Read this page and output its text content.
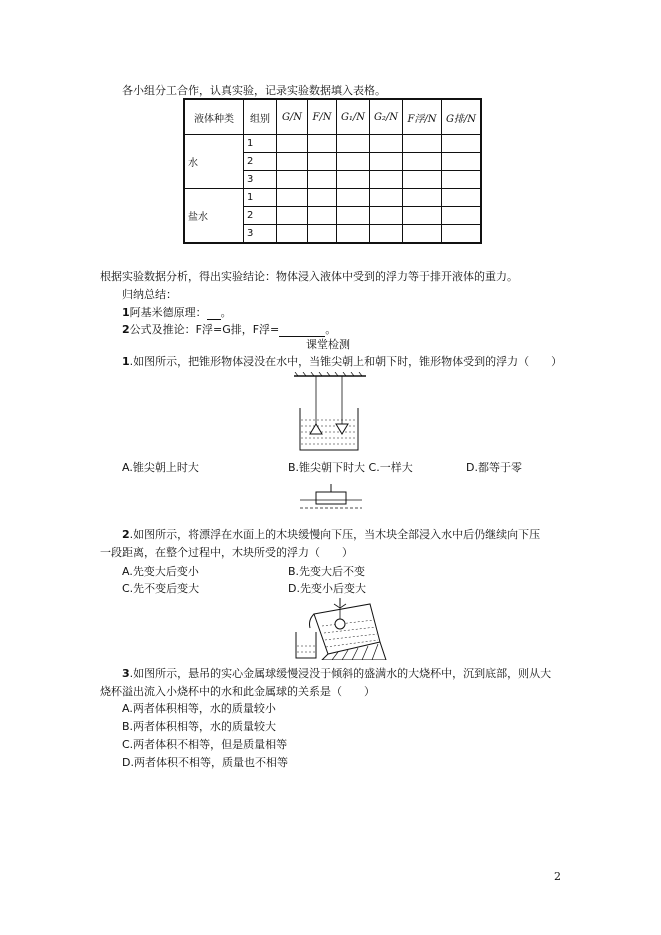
各小组分工合作，认真实验，记录实验数据填入表格。
液体种类	组别	G/N	F/N	G₁/N	G₂/N	F浮/N	G排/N
水	1						
	2						
	3						
盐水	1						
	2						
	3						
根据实验数据分析，得出实验结论：物体浸入液体中受到的浮力等于排开液体的重力。
归纳总结：
1阿基米德原理： 。
2公式及推论：F浮=G排，F浮=	。
课堂检测
1.如图所示，把锥形物体浸没在水中，当锥尖朝上和朝下时，锥形物体受到的浮力（　　）
A.锥尖朝上时大	B.锥尖朝下时大 C.一样大	D.都等于零
2.如图所示，将漂浮在水面上的木块缓慢向下压，当木块全部浸入水中后仍继续向下压
一段距离，在整个过程中，木块所受的浮力（　　）
A.先变大后变小	B.先变大后不变
C.先不变后变大	D.先变小后变大
3.如图所示，悬吊的实心金属球缓慢浸没于倾斜的盛满水的大烧杯中，沉到底部，则从大
烧杯溢出流入小烧杯中的水和此金属球的关系是（　　）
A.两者体积相等，水的质量较小
B.两者体积相等，水的质量较大
C.两者体积不相等，但是质量相等
D.两者体积不相等，质量也不相等
2
